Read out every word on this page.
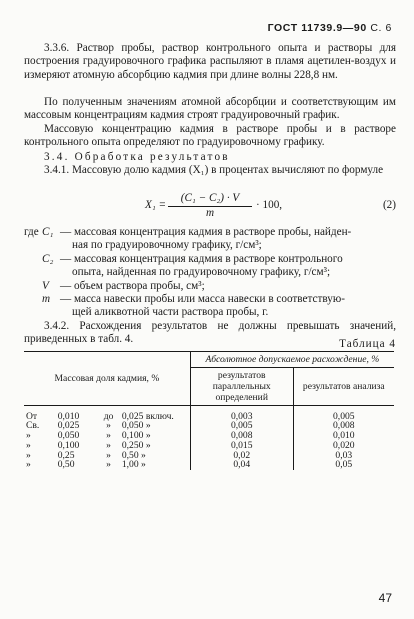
ГОСТ 11739.9—90 С. 6

3.3.6. Раствор пробы, раствор контрольного опыта и растворы для построения градуировочного графика распыляют в пламя ацетилен-воздух и измеряют атомную абсорбцию кадмия при длине волны 228,8 нм.

По полученным значениям атомной абсорбции и соответствующим им массовым концентрациям кадмия строят градуировочный график.

Массовую концентрацию кадмия в растворе пробы и в растворе контрольного опыта определяют по градуировочному графику.

3.4. Обработка результатов

3.4.1. Массовую долю кадмия (X₁) в процентах вычисляют по формуле

$X_1 = \frac{\text{(C₁ − C₂) · V}}{m} \cdot 100$,	(2)
где C₁ — массовая концентрация кадмия в растворе пробы, найден-
ная по градуировочному графику, г/см³;
C₂ — массовая концентрация кадмия в растворе контрольного
опыта, найденная по градуировочному графику, г/см³;
V — объем раствора пробы, см³;
m — масса навески пробы или масса навески в соответствую-
щей аликвотной части раствора пробы, г.

3.4.2. Расхождения результатов не должны превышать значений, приведенных в табл. 4.	Таблица 4
Массовая доля кадмия, %				Абсолютное допускаемое расхождение, %	
				результатов параллельных определений	результатов анализа

От	0,010	до	0,025 включ.	0,003	0,005
Св.	0,025	»	0,050 »	0,005	0,008
»	0,050	»	0,100 »	0,008	0,010
»	0,100	»	0,250 »	0,015	0,020
»	0,25	»	0,50 »	0,02	0,03
»	0,50	»	1,00 »	0,04	0,05
47
